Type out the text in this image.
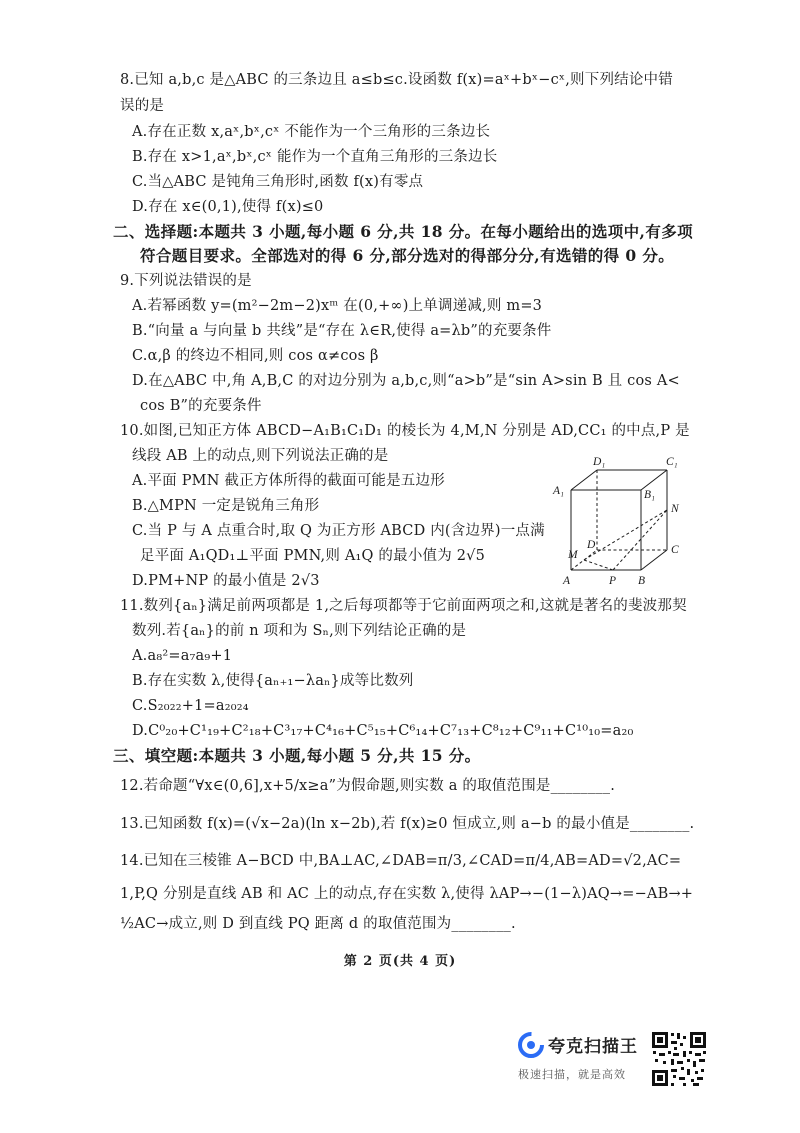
8.已知 a,b,c 是△ABC 的三条边且 a≤b≤c.设函数 f(x)=aˣ+bˣ−cˣ,则下列结论中错
误的是
A.存在正数 x,aˣ,bˣ,cˣ 不能作为一个三角形的三条边长
B.存在 x>1,aˣ,bˣ,cˣ 能作为一个直角三角形的三条边长
C.当△ABC 是钝角三角形时,函数 f(x)有零点
D.存在 x∈(0,1),使得 f(x)≤0
二、选择题:本题共 3 小题,每小题 6 分,共 18 分。在每小题给出的选项中,有多项
符合题目要求。全部选对的得 6 分,部分选对的得部分分,有选错的得 0 分。
9.下列说法错误的是
A.若幂函数 y=(m²−2m−2)xᵐ 在(0,+∞)上单调递减,则 m=3
B.“向量 a 与向量 b 共线”是“存在 λ∈R,使得 a=λb”的充要条件
C.α,β 的终边不相同,则 cos α≠cos β
D.在△ABC 中,角 A,B,C 的对边分别为 a,b,c,则“a>b”是“sin A>sin B 且 cos A<
cos B”的充要条件
10.如图,已知正方体 ABCD−A₁B₁C₁D₁ 的棱长为 4,M,N 分别是 AD,CC₁ 的中点,P 是
线段 AB 上的动点,则下列说法正确的是
A.平面 PMN 截正方体所得的截面可能是五边形
B.△MPN 一定是锐角三角形
C.当 P 与 A 点重合时,取 Q 为正方形 ABCD 内(含边界)一点满
足平面 A₁QD₁⊥平面 PMN,则 A₁Q 的最小值为 2√5
D.PM+NP 的最小值是 2√3
D₁	C₁
A₁	B₁
N
D	C
M
A	P B
11.数列{aₙ}满足前两项都是 1,之后每项都等于它前面两项之和,这就是著名的斐波那契
数列.若{aₙ}的前 n 项和为 Sₙ,则下列结论正确的是
A.a₈²=a₇a₉+1
B.存在实数 λ,使得{aₙ₊₁−λaₙ}成等比数列
C.S₂₀₂₂+1=a₂₀₂₄
D.C⁰₂₀+C¹₁₉+C²₁₈+C³₁₇+C⁴₁₆+C⁵₁₅+C⁶₁₄+C⁷₁₃+C⁸₁₂+C⁹₁₁+C¹⁰₁₀=a₂₀
三、填空题:本题共 3 小题,每小题 5 分,共 15 分。
12.若命题“∀x∈(0,6],x+5/x≥a”为假命题,则实数 a 的取值范围是________.
13.已知函数 f(x)=(√x−2a)(ln x−2b),若 f(x)≥0 恒成立,则 a−b 的最小值是________.
14.已知在三棱锥 A−BCD 中,BA⊥AC,∠DAB=π/3,∠CAD=π/4,AB=AD=√2,AC=
1,P,Q 分别是直线 AB 和 AC 上的动点,存在实数 λ,使得 λAP→−(1−λ)AQ→=−AB→+
½AC→成立,则 D 到直线 PQ 距离 d 的取值范围为________.
第 2 页(共 4 页)
夸克扫描王
极速扫描，就是高效
